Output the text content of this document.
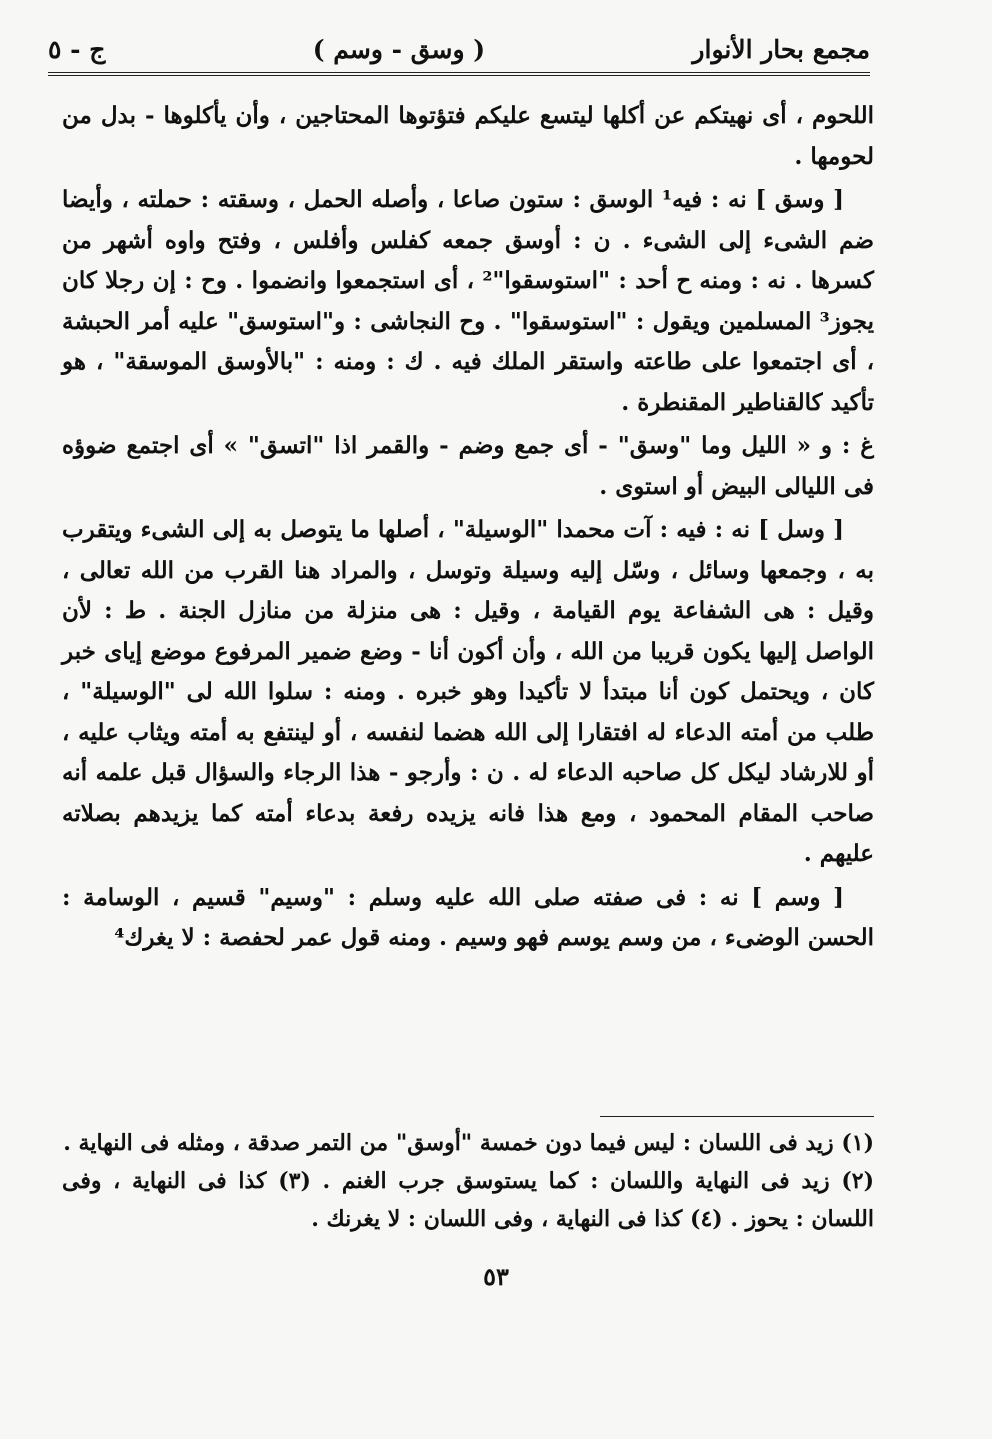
ج - ٥	( وسق - وسم )	مجمع بحار الأنوار

اللحوم ، أى نهيتكم عن أكلها ليتسع عليكم فتؤتوها المحتاجين ، وأن يأكلوها - بدل من لحومها .

[ وسق ] نه : فيه¹ الوسق : ستون صاعا ، وأصله الحمل ، وسقته : حملته ، وأيضا ضم الشىء إلى الشىء . ن : أوسق جمعه كفلس وأفلس ، وفتح واوه أشهر من كسرها . نه : ومنه ح أحد : "استوسقوا"² ، أى استجمعوا وانضموا . وح : إن رجلا كان يجوز³ المسلمين ويقول : "استوسقوا" . وح النجاشى : و"استوسق" عليه أمر الحبشة ، أى اجتمعوا على طاعته واستقر الملك فيه . ك : ومنه : "بالأوسق الموسقة" ، هو تأكيد كالقناطير المقنطرة .

غ : و « الليل وما "وسق" - أى جمع وضم - والقمر اذا "اتسق" » أى اجتمع ضوؤه فى الليالى البيض أو استوى .

[ وسل ] نه : فيه : آت محمدا "الوسيلة" ، أصلها ما يتوصل به إلى الشىء ويتقرب به ، وجمعها وسائل ، وسّل إليه وسيلة وتوسل ، والمراد هنا القرب من الله تعالى ، وقيل : هى الشفاعة يوم القيامة ، وقيل : هى منزلة من منازل الجنة . ط : لأن الواصل إليها يكون قريبا من الله ، وأن أكون أنا - وضع ضمير المرفوع موضع إياى خبر كان ، ويحتمل كون أنا مبتدأ لا تأكيدا وهو خبره . ومنه : سلوا الله لى "الوسيلة" ، طلب من أمته الدعاء له افتقارا إلى الله هضما لنفسه ، أو لينتفع به أمته ويثاب عليه ، أو للارشاد ليكل كل صاحبه الدعاء له . ن : وأرجو - هذا الرجاء والسؤال قبل علمه أنه صاحب المقام المحمود ، ومع هذا فانه يزيده رفعة بدعاء أمته كما يزيدهم بصلاته عليهم .

[ وسم ] نه : فى صفته صلى الله عليه وسلم : "وسيم" قسيم ، الوسامة : الحسن الوضىء ، من وسم يوسم فهو وسيم . ومنه قول عمر لحفصة : لا يغرك⁴

(١) زيد فى اللسان : ليس فيما دون خمسة "أوسق" من التمر صدقة ، ومثله فى النهاية .

(٢) زيد فى النهاية واللسان : كما يستوسق جرب الغنم . (٣) كذا فى النهاية ، وفى اللسان : يحوز . (٤) كذا فى النهاية ، وفى اللسان : لا يغرنك .

٥٣
